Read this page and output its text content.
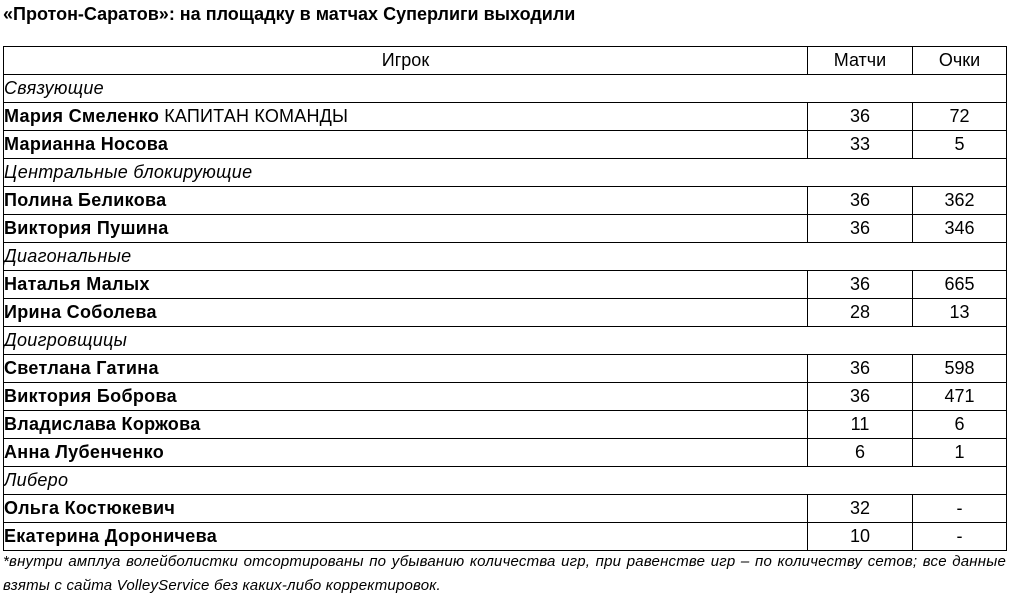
«Протон-Саратов»: на площадку в матчах Суперлиги выходили
Игрок	Матчи	Очки
Связующие		
Мария Смеленко КАПИТАН КОМАНДЫ	36	72
Марианна Носова	33	5
Центральные блокирующие		
Полина Беликова	36	362
Виктория Пушина	36	346
Диагональные		
Наталья Малых	36	665
Ирина Соболева	28	13
Доигровщицы		
Светлана Гатина	36	598
Виктория Боброва	36	471
Владислава Коржова	11	6
Анна Лубенченко	6	1
Либеро		
Ольга Костюкевич	32	-
Екатерина Дороничева	10	-
*внутри амплуа волейболистки отсортированы по убыванию количества игр, при равенстве игр – по количеству сетов; все данные взяты с сайта VolleyService без каких-либо корректировок.
